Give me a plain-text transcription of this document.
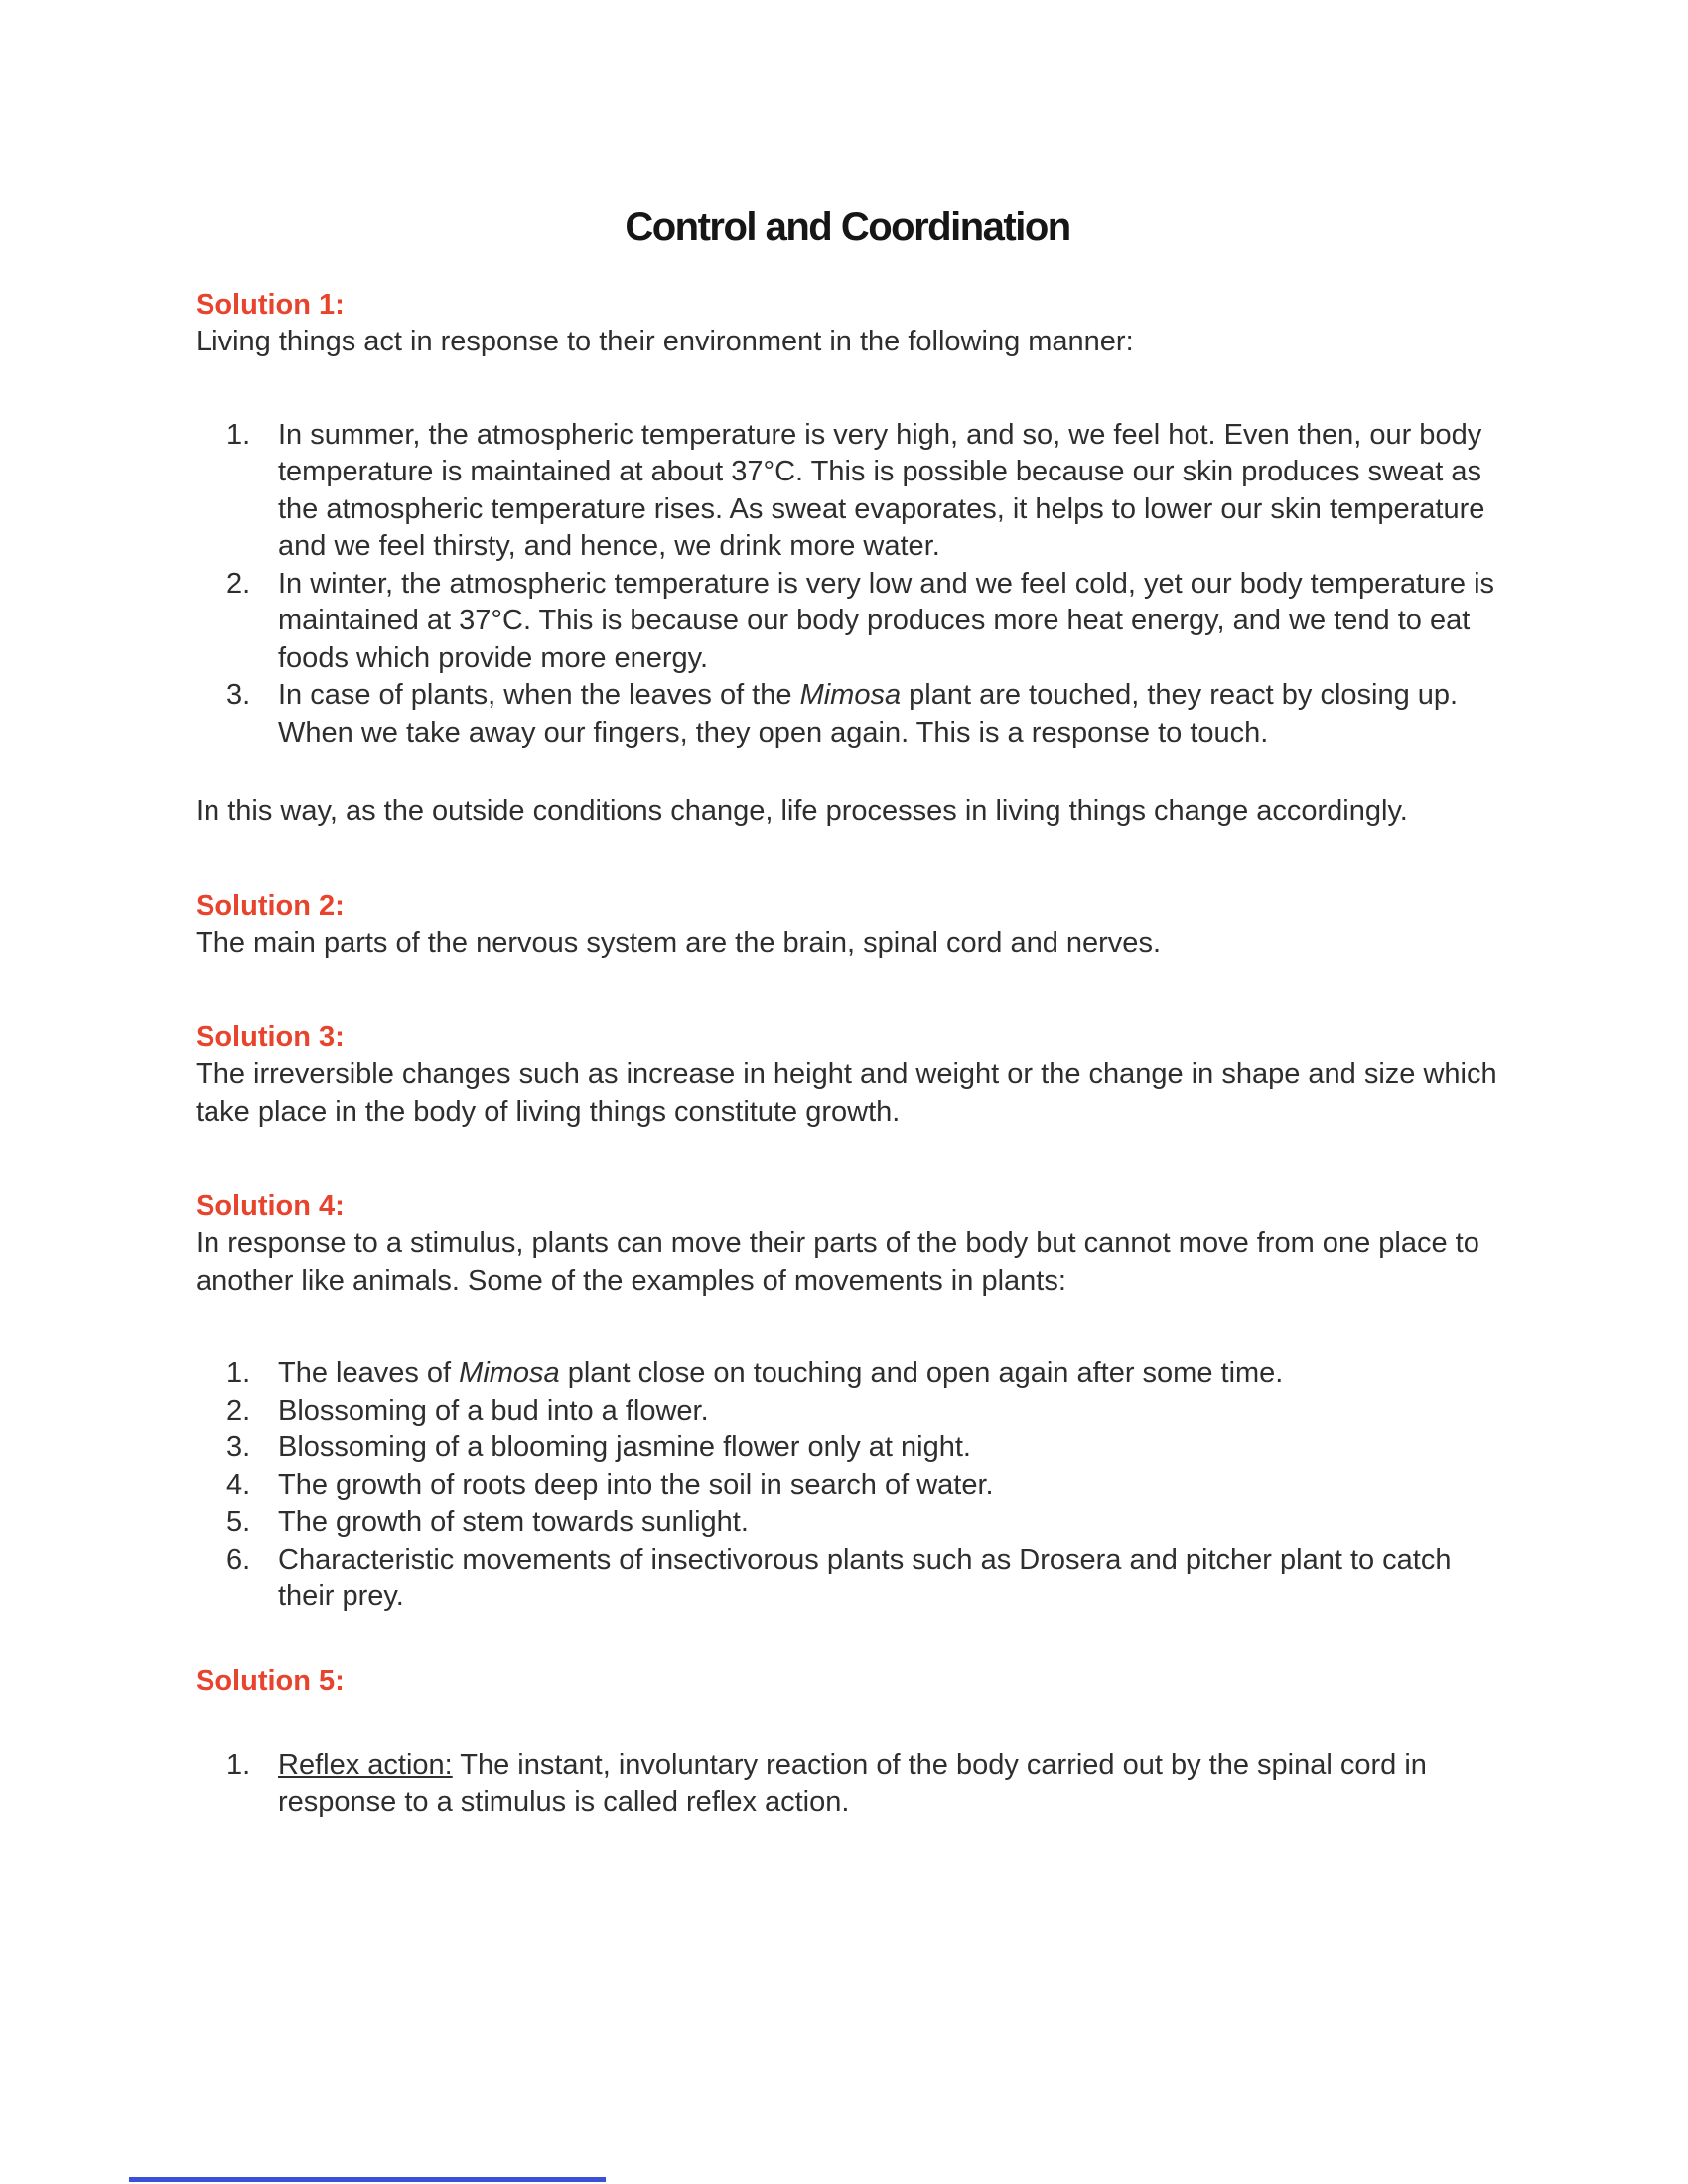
Control and Coordination
Solution 1:

Living things act in response to their environment in the following manner:

1. In summer, the atmospheric temperature is very high, and so, we feel hot. Even then, our body temperature is maintained at about 37°C. This is possible because our skin produces sweat as the atmospheric temperature rises. As sweat evaporates, it helps to lower our skin temperature and we feel thirsty, and hence, we drink more water.
2. In winter, the atmospheric temperature is very low and we feel cold, yet our body temperature is maintained at 37°C. This is because our body produces more heat energy, and we tend to eat foods which provide more energy.
3. In case of plants, when the leaves of the Mimosa plant are touched, they react by closing up. When we take away our fingers, they open again. This is a response to touch.

In this way, as the outside conditions change, life processes in living things change accordingly.

Solution 2:

The main parts of the nervous system are the brain, spinal cord and nerves.

Solution 3:

The irreversible changes such as increase in height and weight or the change in shape and size which take place in the body of living things constitute growth.

Solution 4:

In response to a stimulus, plants can move their parts of the body but cannot move from one place to another like animals. Some of the examples of movements in plants:

1. The leaves of Mimosa plant close on touching and open again after some time.
2. Blossoming of a bud into a flower.
3. Blossoming of a blooming jasmine flower only at night.
4. The growth of roots deep into the soil in search of water.
5. The growth of stem towards sunlight.
6. Characteristic movements of insectivorous plants such as Drosera and pitcher plant to catch their prey.
Solution 5:
1. Reflex action: The instant, involuntary reaction of the body carried out by the spinal cord in response to a stimulus is called reflex action.
